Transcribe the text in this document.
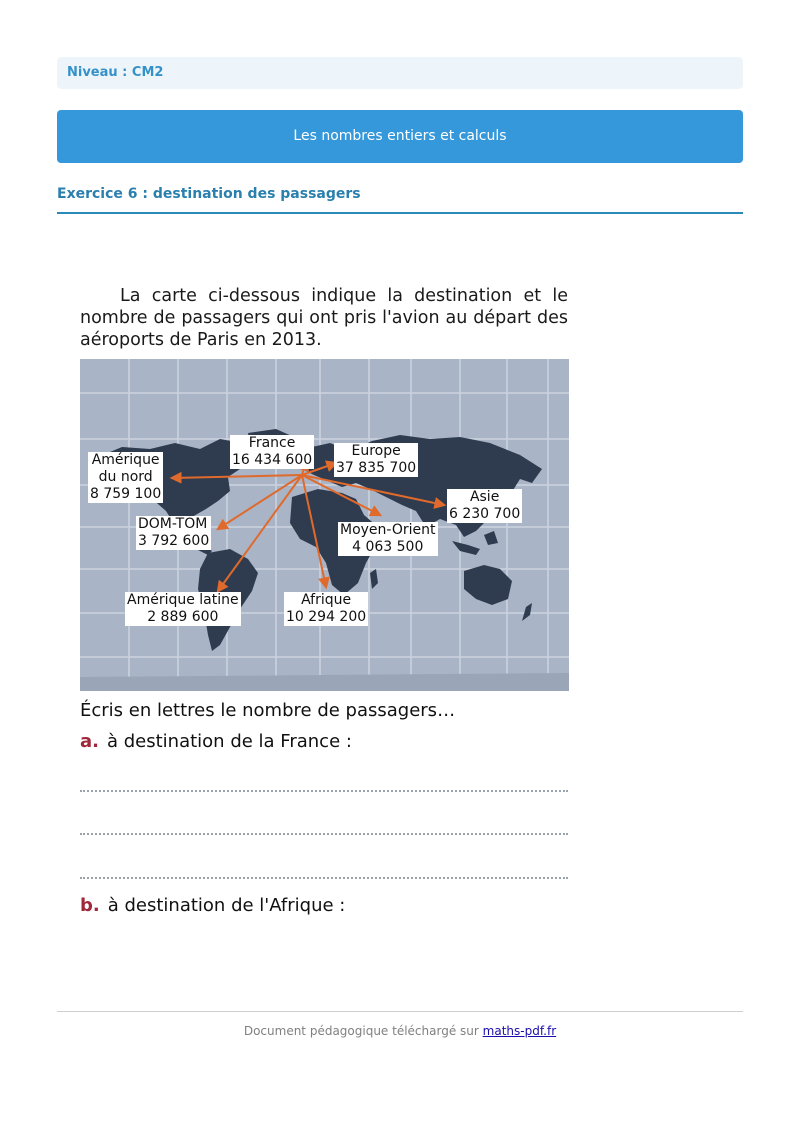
Niveau : CM2
Les nombres entiers et calculs
Exercice 6 : destination des passagers

La carte ci-dessous indique la destination et le nombre de passagers qui ont pris l'avion au départ des aéroports de Paris en 2013.

France
16 434 600
Europe
37 835 700
Amérique
du nord
8 759 100	Asie
6 230 700
DOM-TOM
3 792 600
Moyen-Orient
4 063 500
Amérique latine
2 889 600
Afrique
10 294 200
Écris en lettres le nombre de passagers…
a. à destination de la France :
b. à destination de l'Afrique :
Document pédagogique téléchargé sur maths-pdf.fr
